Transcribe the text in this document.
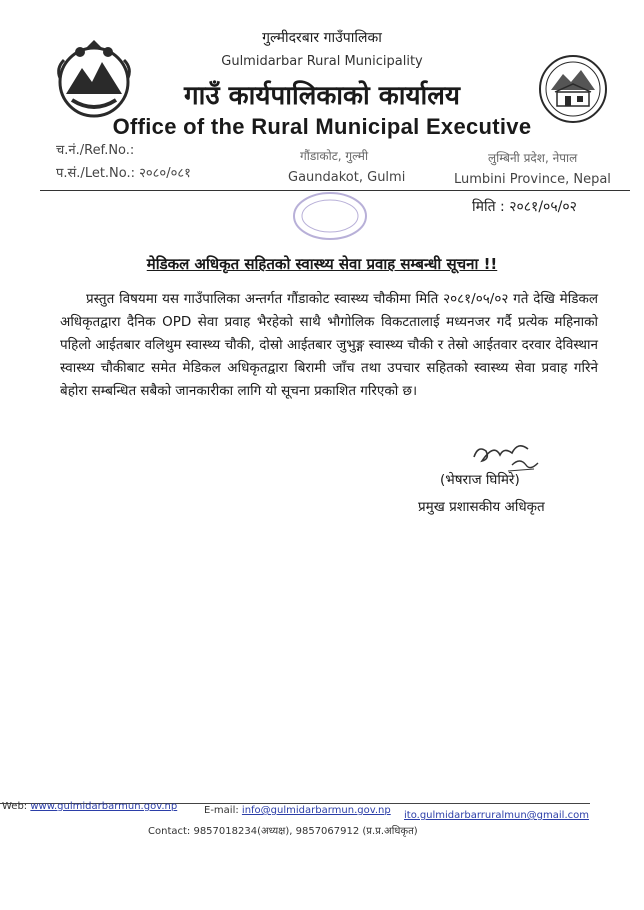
गुल्मीदरबार गाउँपालिका
Gulmidarbar Rural Municipality
गाउँ कार्यपालिकाको कार्यालय
Office of the Rural Municipal Executive
च.नं./Ref.No.:
प.सं./Let.No.: २०८०/०८१
गौंडाकोट, गुल्मी
Gaundakot, Gulmi
लुम्बिनी प्रदेश, नेपाल
Lumbini Province, Nepal
मिति : २०८१/०५/०२
मेडिकल अधिकृत सहितको स्वास्थ्य सेवा प्रवाह सम्बन्धी सूचना !!
प्रस्तुत विषयमा यस गाउँपालिका अन्तर्गत गौंडाकोट स्वास्थ्य चौकीमा मिति २०८१/०५/०२ गते देखि मेडिकल अधिकृतद्वारा दैनिक OPD सेवा प्रवाह भैरहेको साथै भौगोलिक विकटतालाई मध्यनजर गर्दै प्रत्येक महिनाको पहिलो आईतबार वलिथुम स्वास्थ्य चौकी, दोस्रो आईतबार जुभुङ्ग स्वास्थ्य चौकी र तेस्रो आईतवार दरवार देविस्थान स्वास्थ्य चौकीबाट समेत मेडिकल अधिकृतद्वारा बिरामी जाँच तथा उपचार सहितको स्वास्थ्य सेवा प्रवाह गरिने बेहोरा सम्बन्धित सबैको जानकारीका लागि यो सूचना प्रकाशित गरिएको छ।
(भेषराज घिमिरे)
प्रमुख प्रशासकीय अधिकृत
Web: www.gulmidarbarmun.gov.np	E-mail: info@gulmidarbarmun.gov.np ito.gulmidarbarruralmun@gmail.com
Contact: 9857018234(अध्यक्ष), 9857067912 (प्र.प्र.अधिकृत)
